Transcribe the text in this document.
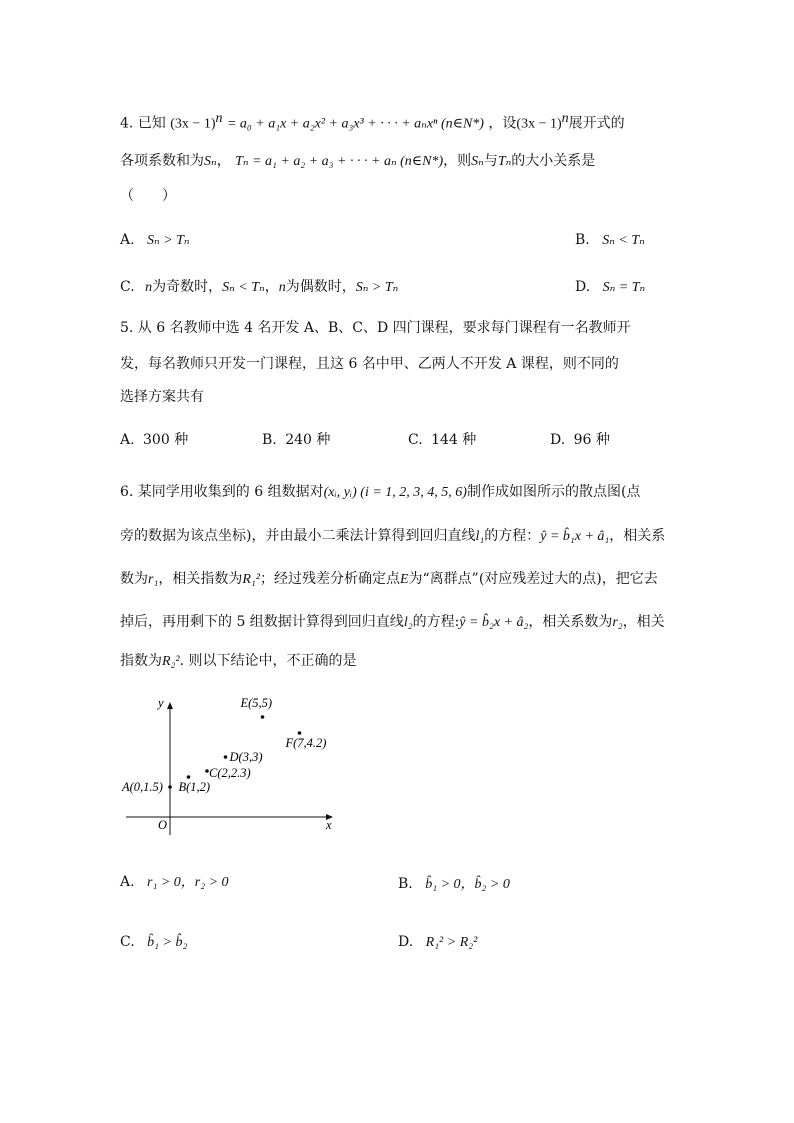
4. 已知 $(3x - 1)^n = a_0 + a_1x + a_2x^2 + a_3x^3$ + · · · + aₙxⁿ (n∈N*) ，设$(3x - 1)^n$展开式的
各项系数和为Sₙ， Tₙ = a₁ + a₂ + a₃ + · · · + aₙ (n∈N*)，则Sₙ与Tₙ的大小关系是
（　　）
A. Sₙ > Tₙ	B. Sₙ < Tₙ
C. n为奇数时，Sₙ < Tₙ，n为偶数时，Sₙ > Tₙ	D. Sₙ = Tₙ
5. 从 6 名教师中选 4 名开发 A、B、C、D 四门课程，要求每门课程有一名教师开
发，每名教师只开发一门课程，且这 6 名中甲、乙两人不开发 A 课程，则不同的
选择方案共有
A. 300 种	B. 240 种	C. 144 种	D. 96 种
6. 某同学用收集到的 6 组数据对(xᵢ, yᵢ) (i = 1, 2, 3, 4, 5, 6)制作成如图所示的散点图(点
旁的数据为该点坐标)，并由最小二乘法计算得到回归直线l₁的方程：ŷ = b̂₁x + â₁，相关系
数为r₁，相关指数为R₁²；经过残差分析确定点E为“离群点”(对应残差过大的点)，把它去
掉后，再用剩下的 5 组数据计算得到回归直线l₂的方程:ŷ = b̂₂x + â₂，相关系数为r₂，相关
指数为R₂². 则以下结论中，不正确的是
y
x
O
A(0,1.5) B(1,2)
C(2,2.3)
D(3,3)
E(5,5)
F(7,4.2)
A. r₁ > 0，r₂ > 0	B. b̂₁ > 0，b̂₂ > 0
C. b̂₁ > b̂₂	D. R₁² > R₂²
